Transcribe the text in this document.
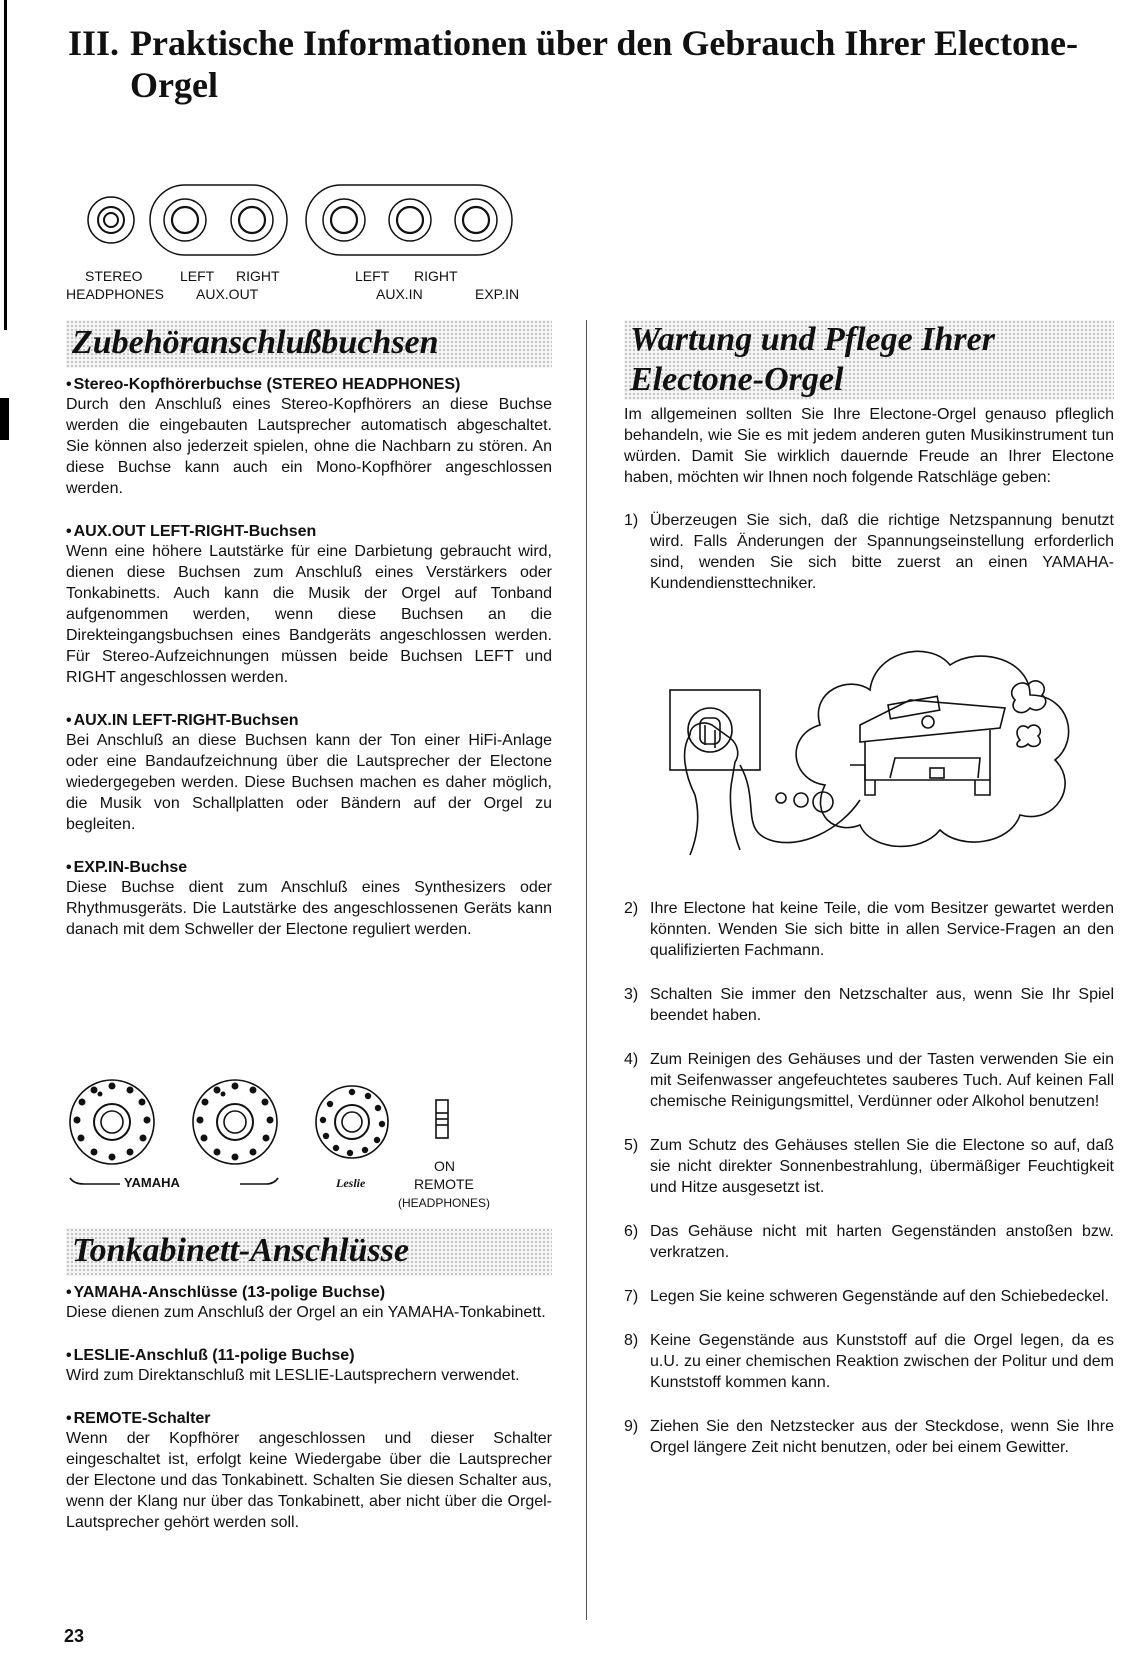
III. Praktische Informationen über den Gebrauch Ihrer Electone-
Orgel
STEREO
HEADPHONES
LEFT RIGHT
AUX.OUT
LEFT RIGHT
AUX.IN	EXP.IN
Zubehöranschlußbuchsen
• Stereo-Kopfhörerbuchse (STEREO HEADPHONES)
Durch den Anschluß eines Stereo-Kopfhörers an diese Buchse werden die eingebauten Lautsprecher automatisch abgeschaltet. Sie können also jederzeit spielen, ohne die Nachbarn zu stören. An diese Buchse kann auch ein Mono-Kopfhörer angeschlossen werden.
• AUX.OUT LEFT-RIGHT-Buchsen
Wenn eine höhere Lautstärke für eine Darbietung gebraucht wird, dienen diese Buchsen zum Anschluß eines Verstärkers oder Tonkabinetts. Auch kann die Musik der Orgel auf Tonband aufgenommen werden, wenn diese Buchsen an die Direkteingangsbuchsen eines Bandgeräts angeschlossen werden. Für Stereo-Aufzeichnungen müssen beide Buchsen LEFT und RIGHT angeschlossen werden.
• AUX.IN LEFT-RIGHT-Buchsen
Bei Anschluß an diese Buchsen kann der Ton einer HiFi-Anlage oder eine Bandaufzeichnung über die Lautsprecher der Electone wiedergegeben werden. Diese Buchsen machen es daher möglich, die Musik von Schallplatten oder Bändern auf der Orgel zu begleiten.
• EXP.IN-Buchse
Diese Buchse dient zum Anschluß eines Synthesizers oder Rhythmusgeräts. Die Lautstärke des angeschlossenen Geräts kann danach mit dem Schweller der Electone reguliert werden.
YAMAHA	Leslie
ON
REMOTE
(HEADPHONES)
Tonkabinett-Anschlüsse
• YAMAHA-Anschlüsse (13-polige Buchse)
Diese dienen zum Anschluß der Orgel an ein YAMAHA-Tonkabinett.
• LESLIE-Anschluß (11-polige Buchse)
Wird zum Direktanschluß mit LESLIE-Lautsprechern verwendet.
• REMOTE-Schalter
Wenn der Kopfhörer angeschlossen und dieser Schalter eingeschaltet ist, erfolgt keine Wiedergabe über die Lautsprecher der Electone und das Tonkabinett. Schalten Sie diesen Schalter aus, wenn der Klang nur über das Tonkabinett, aber nicht über die Orgel-Lautsprecher gehört werden soll.
Wartung und Pflege Ihrer
Electone-Orgel
Im allgemeinen sollten Sie Ihre Electone-Orgel genauso pfleglich behandeln, wie Sie es mit jedem anderen guten Musikinstrument tun würden. Damit Sie wirklich dauernde Freude an Ihrer Electone haben, möchten wir Ihnen noch folgende Ratschläge geben:
1) Überzeugen Sie sich, daß die richtige Netzspannung benutzt wird. Falls Änderungen der Spannungseinstellung erforderlich sind, wenden Sie sich bitte zuerst an einen YAMAHA-Kundendiensttechniker.
2) Ihre Electone hat keine Teile, die vom Besitzer gewartet werden könnten. Wenden Sie sich bitte in allen Service-Fragen an den qualifizierten Fachmann.
3) Schalten Sie immer den Netzschalter aus, wenn Sie Ihr Spiel beendet haben.
4) Zum Reinigen des Gehäuses und der Tasten verwenden Sie ein mit Seifenwasser angefeuchtetes sauberes Tuch. Auf keinen Fall chemische Reinigungsmittel, Verdünner oder Alkohol benutzen!
5) Zum Schutz des Gehäuses stellen Sie die Electone so auf, daß sie nicht direkter Sonnenbestrahlung, übermäßiger Feuchtigkeit und Hitze ausgesetzt ist.
6) Das Gehäuse nicht mit harten Gegenständen anstoßen bzw. verkratzen.
7) Legen Sie keine schweren Gegenstände auf den Schiebedeckel.
8) Keine Gegenstände aus Kunststoff auf die Orgel legen, da es u.U. zu einer chemischen Reaktion zwischen der Politur und dem Kunststoff kommen kann.
9) Ziehen Sie den Netzstecker aus der Steckdose, wenn Sie Ihre Orgel längere Zeit nicht benutzen, oder bei einem Gewitter.
23
